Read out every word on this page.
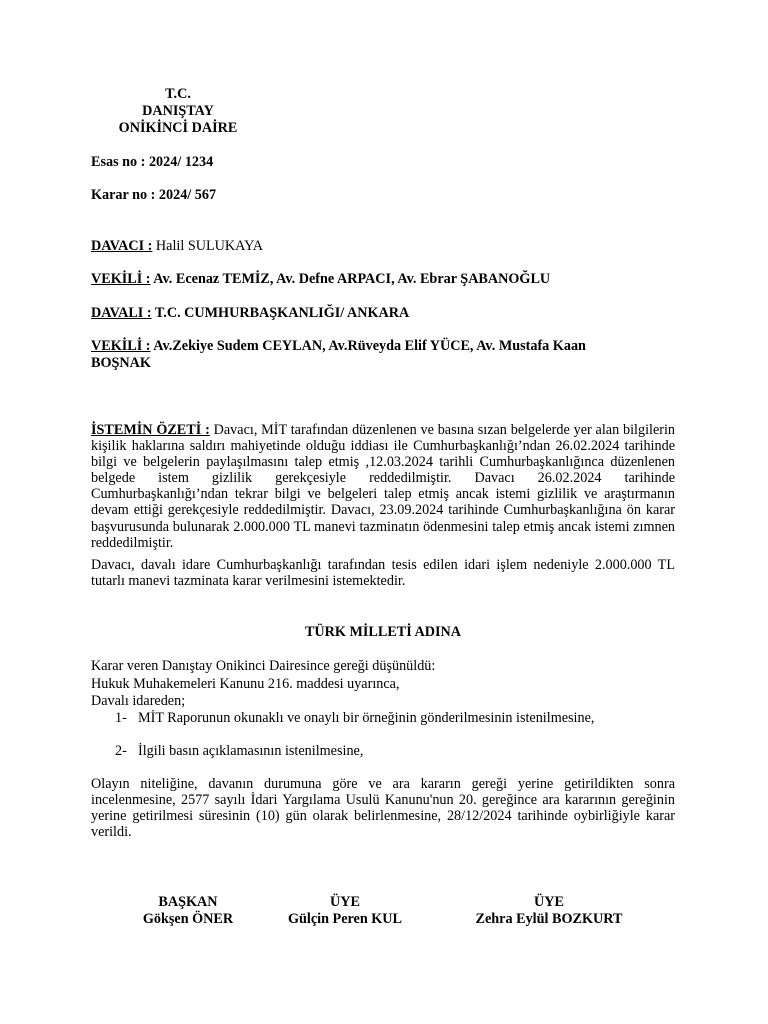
T.C.
DANIŞTAY
ONİKİNCİ DAİRE
Esas no : 2024/ 1234
Karar no : 2024/ 567
DAVACI : Halil SULUKAYA
VEKİLİ : Av. Ecenaz TEMİZ, Av. Defne ARPACI, Av. Ebrar ŞABANOĞLU
DAVALI : T.C. CUMHURBAŞKANLIĞI/ ANKARA
VEKİLİ : Av.Zekiye Sudem CEYLAN, Av.Rüveyda Elif YÜCE, Av. Mustafa Kaan
BOŞNAK
İSTEMİN ÖZETİ : Davacı, MİT tarafından düzenlenen ve basına sızan belgelerde yer alan bilgilerin kişilik haklarına saldırı mahiyetinde olduğu iddiası ile Cumhurbaşkanlığı’ndan 26.02.2024 tarihinde bilgi ve belgelerin paylaşılmasını talep etmiş ,12.03.2024 tarihli Cumhurbaşkanlığınca düzenlenen belgede istem gizlilik gerekçesiyle reddedilmiştir. Davacı 26.02.2024 tarihinde Cumhurbaşkanlığı’ndan tekrar bilgi ve belgeleri talep etmiş ancak istemi gizlilik ve araştırmanın devam ettiği gerekçesiyle reddedilmiştir. Davacı, 23.09.2024 tarihinde Cumhurbaşkanlığına ön karar başvurusunda bulunarak 2.000.000 TL manevi tazminatın ödenmesini talep etmiş ancak istemi zımnen reddedilmiştir.
Davacı, davalı idare Cumhurbaşkanlığı tarafından tesis edilen idari işlem nedeniyle 2.000.000 TL tutarlı manevi tazminata karar verilmesini istemektedir.
TÜRK MİLLETİ ADINA
Karar veren Danıştay Onikinci Dairesince gereği düşünüldü:
Hukuk Muhakemeleri Kanunu 216. maddesi uyarınca,
Davalı idareden;
1- MİT Raporunun okunaklı ve onaylı bir örneğinin gönderilmesinin istenilmesine,
2- İlgili basın açıklamasının istenilmesine,
Olayın niteliğine, davanın durumuna göre ve ara kararın gereği yerine getirildikten sonra incelenmesine, 2577 sayılı İdari Yargılama Usulü Kanunu'nun 20. gereğince ara kararının gereğinin yerine getirilmesi süresinin (10) gün olarak belirlenmesine, 28/12/2024 tarihinde oybirliğiyle karar verildi.
BAŞKAN
Gökşen ÖNER
ÜYE
Gülçin Peren KUL
ÜYE
Zehra Eylül BOZKURT
